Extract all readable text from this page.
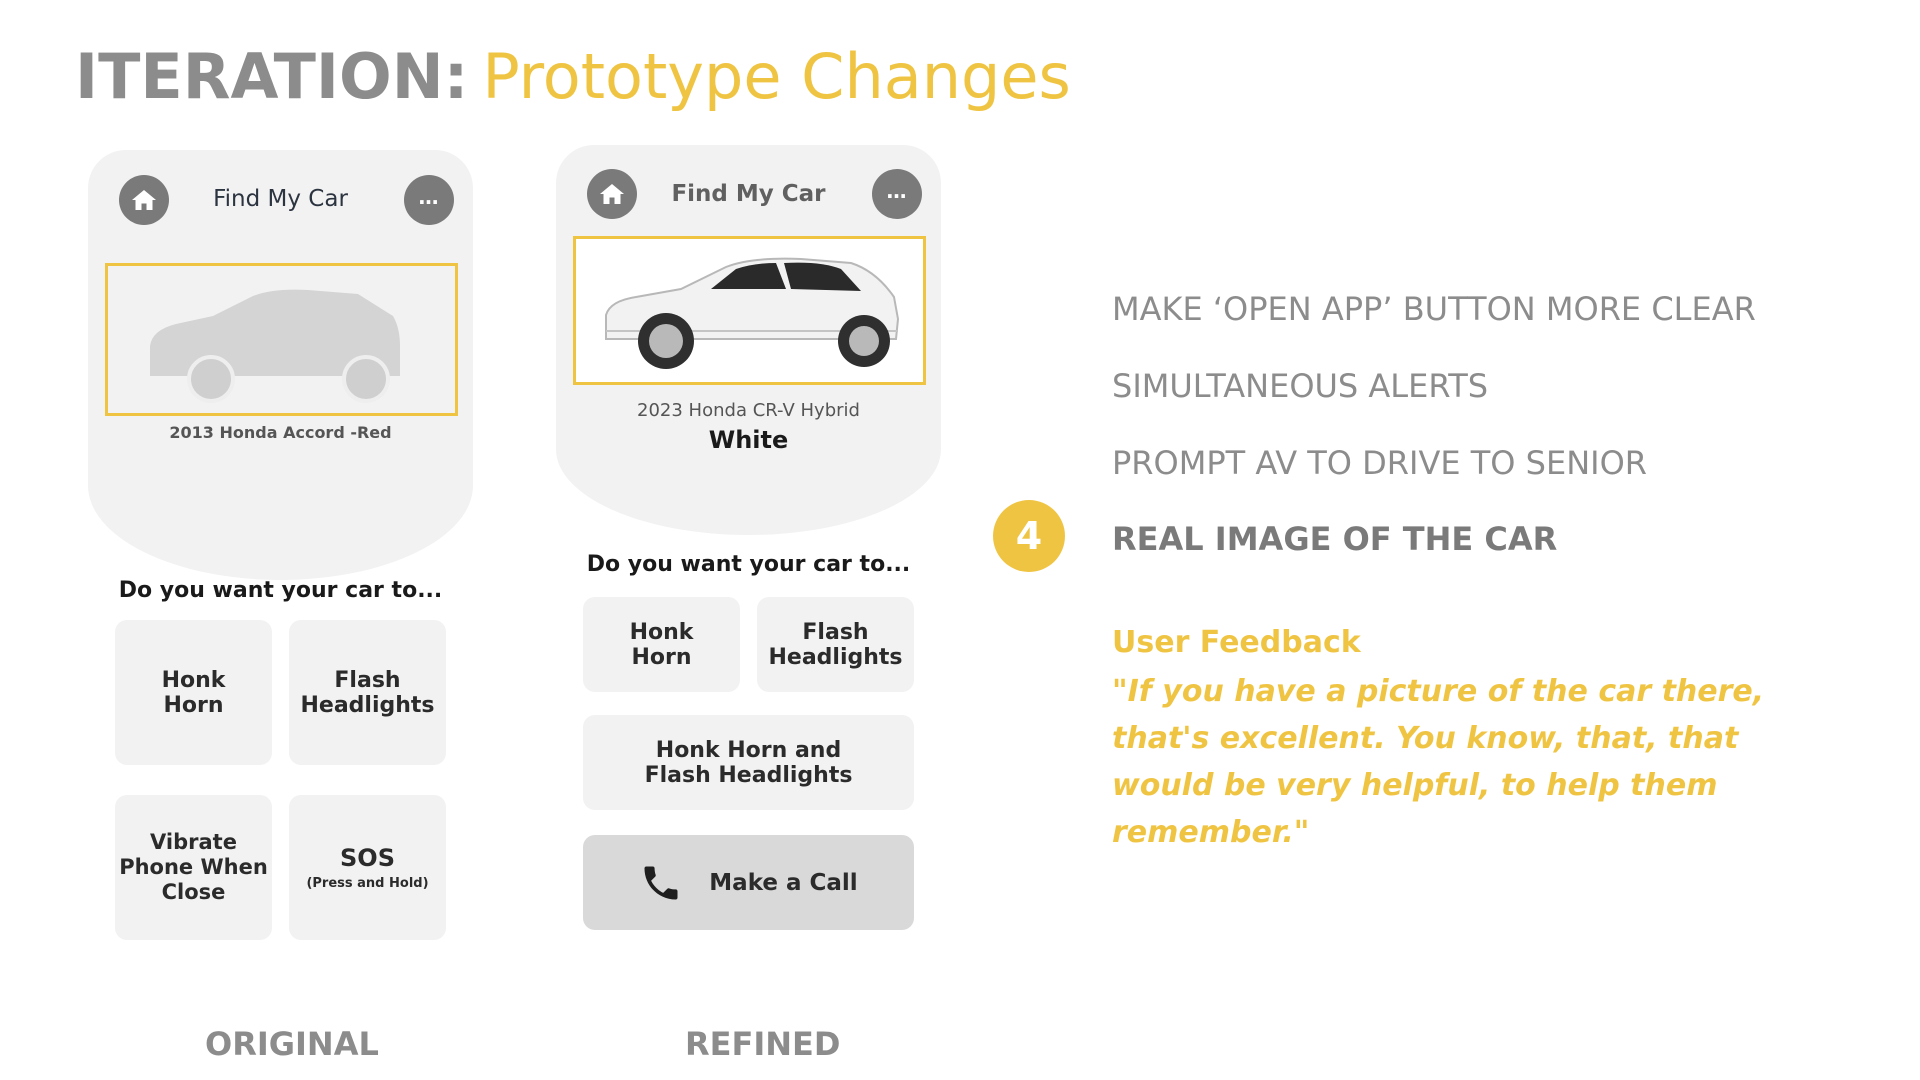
ITERATION: Prototype Changes
Find My Car	…
2013 Honda Accord -Red
Do you want your car to...
Honk
Horn
Flash
Headlights
Vibrate
Phone When
Close
SOS
(Press and Hold)
ORIGINAL
Find My Car	…
2023 Honda CR-V Hybrid
White
Do you want your car to...
Honk
Horn
Flash
Headlights
Honk Horn and
Flash Headlights
Make a Call
REFINED
MAKE ‘OPEN APP’ BUTTON MORE CLEAR
SIMULTANEOUS ALERTS
PROMPT AV TO DRIVE TO SENIOR
4	REAL IMAGE OF THE CAR
User Feedback
"If you have a picture of the car there, that's excellent. You know, that, that would be very helpful, to help them remember."
